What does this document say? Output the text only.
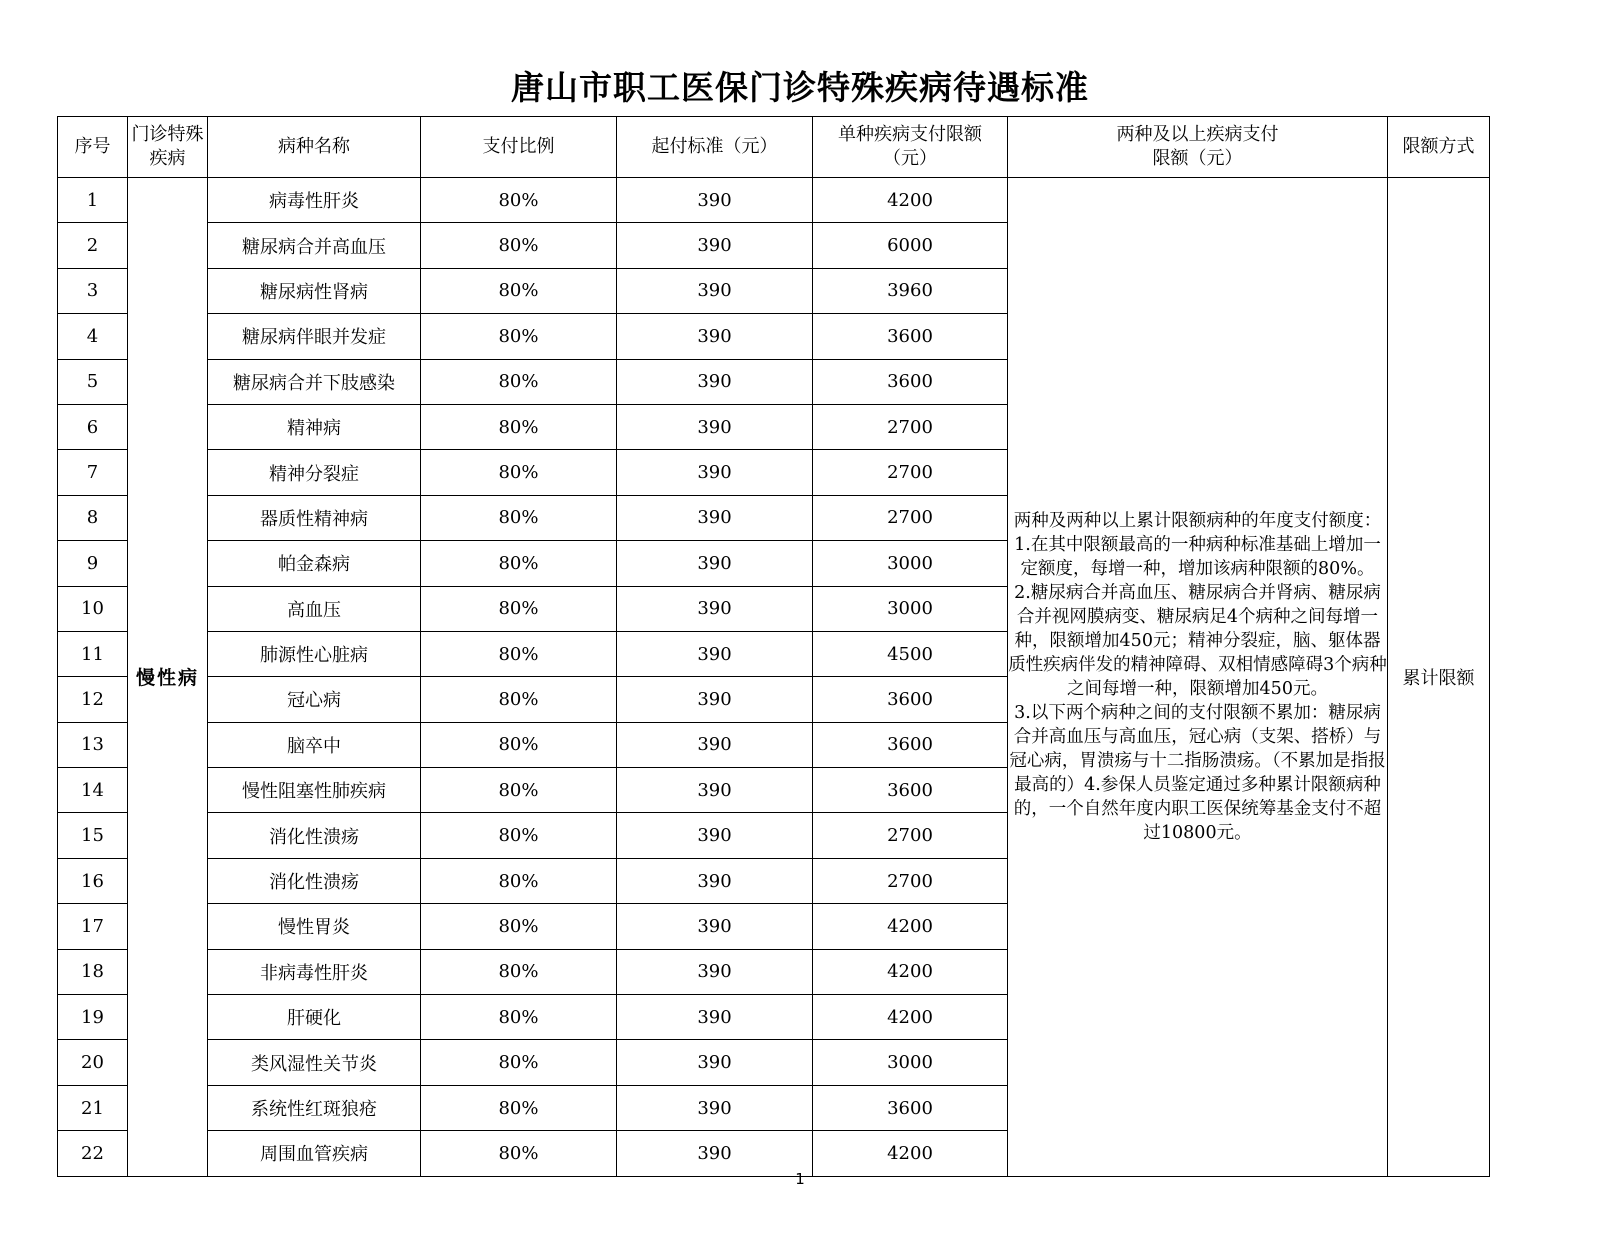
唐山市职工医保门诊特殊疾病待遇标准
序号	门诊特殊疾病	病种名称	支付比例	起付标准（元）	单种疾病支付限额（元）	两种及以上疾病支付限额（元）	限额方式
1	慢性病	病毒性肝炎	80%	390	4200	两种及两种以上累计限额病种的年度支付额度：
1.在其中限额最高的一种病种标准基础上增加一定额度，每增一种，增加该病种限额的80%。
2.糖尿病合并高血压、糖尿病合并肾病、糖尿病合并视网膜病变、糖尿病足4个病种之间每增一种，限额增加450元；精神分裂症，脑、躯体器质性疾病伴发的精神障碍、双相情感障碍3个病种之间每增一种，限额增加450元。
3.以下两个病种之间的支付限额不累加：糖尿病合并高血压与高血压，冠心病（支架、搭桥）与冠心病，胃溃疡与十二指肠溃疡。（不累加是指报最高的）4.参保人员鉴定通过多种累计限额病种的，一个自然年度内职工医保统筹基金支付不超过10800元。	累计限额
2		糖尿病合并高血压	80%	390	6000		
3		糖尿病性肾病	80%	390	3960		
4		糖尿病伴眼并发症	80%	390	3600		
5		糖尿病合并下肢感染	80%	390	3600		
6		精神病	80%	390	2700		
7		精神分裂症	80%	390	2700		
8		器质性精神病	80%	390	2700		
9		帕金森病	80%	390	3000		
10		高血压	80%	390	3000		
11		肺源性心脏病	80%	390	4500		
12		冠心病	80%	390	3600		
13		脑卒中	80%	390	3600		
14		慢性阻塞性肺疾病	80%	390	3600		
15		消化性溃疡	80%	390	2700		
16		消化性溃疡	80%	390	2700		
17		慢性胃炎	80%	390	4200		
18		非病毒性肝炎	80%	390	4200		
19		肝硬化	80%	390	4200		
20		类风湿性关节炎	80%	390	3000		
21		系统性红斑狼疮	80%	390	3600		
22		周围血管疾病	80%	390	4200		
1
